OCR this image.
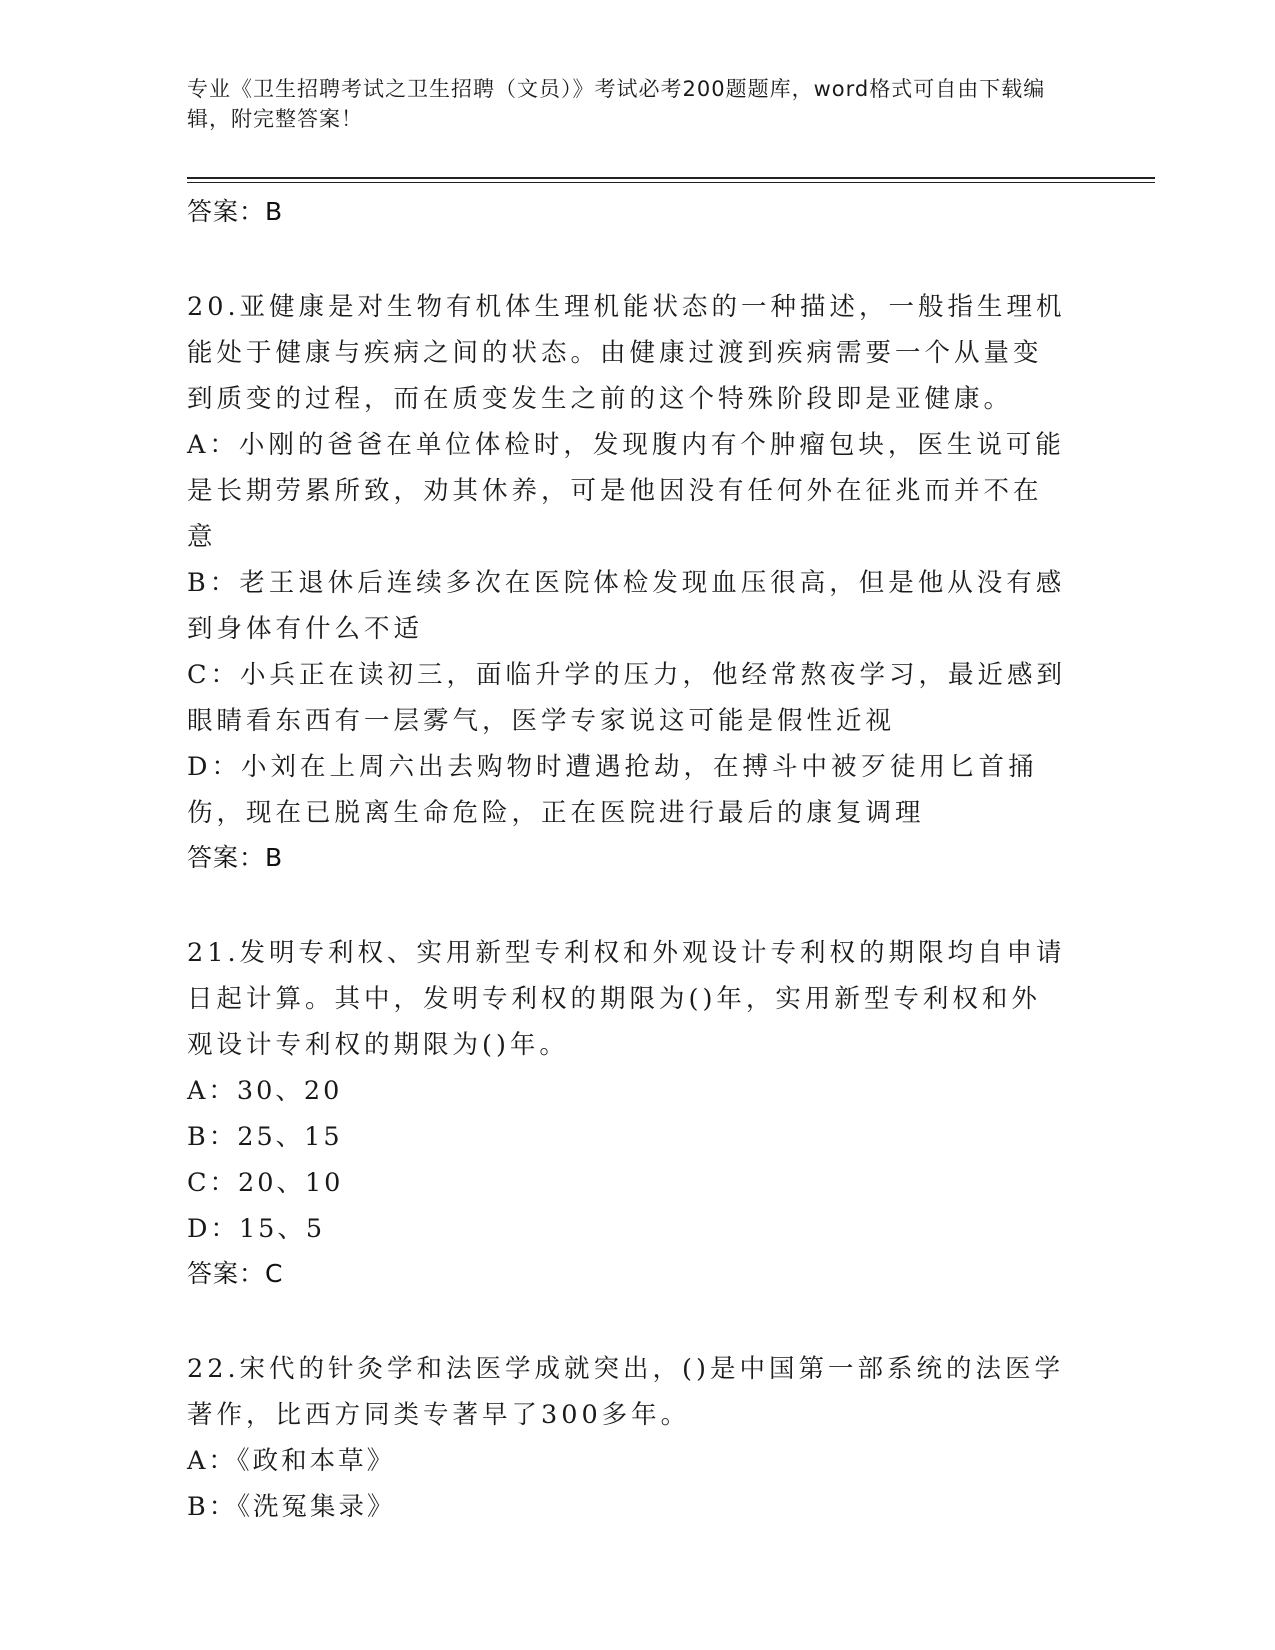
专业《卫生招聘考试之卫生招聘（文员）》考试必考200题题库，word格式可自由下载编辑，附完整答案！

答案：B

20.亚健康是对生物有机体生理机能状态的一种描述，一般指生理机能处于健康与疾病之间的状态。由健康过渡到疾病需要一个从量变到质变的过程，而在质变发生之前的这个特殊阶段即是亚健康。

A：小刚的爸爸在单位体检时，发现腹内有个肿瘤包块，医生说可能是长期劳累所致，劝其休养，可是他因没有任何外在征兆而并不在意

B：老王退休后连续多次在医院体检发现血压很高，但是他从没有感到身体有什么不适

C：小兵正在读初三，面临升学的压力，他经常熬夜学习，最近感到眼睛看东西有一层雾气，医学专家说这可能是假性近视

D：小刘在上周六出去购物时遭遇抢劫，在搏斗中被歹徒用匕首捅伤，现在已脱离生命危险，正在医院进行最后的康复调理

答案：B

21.发明专利权、实用新型专利权和外观设计专利权的期限均自申请日起计算。其中，发明专利权的期限为()年，实用新型专利权和外观设计专利权的期限为()年。

A：30、20

B：25、15

C：20、10

D：15、5

答案：C

22.宋代的针灸学和法医学成就突出，()是中国第一部系统的法医学著作，比西方同类专著早了300多年。

A：《政和本草》

B：《洗冤集录》
